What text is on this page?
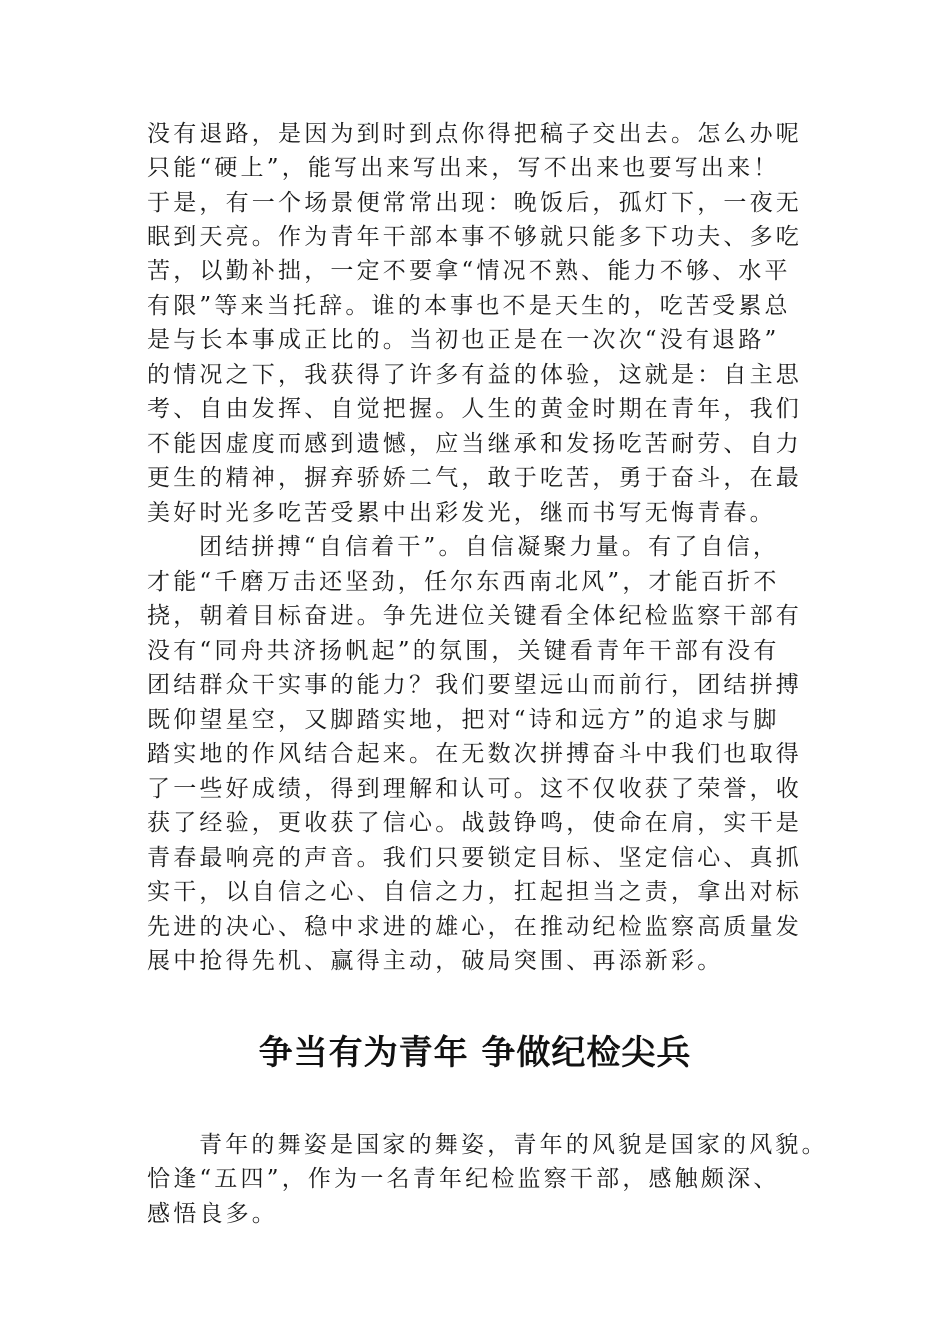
没有退路，是因为到时到点你得把稿子交出去。怎么办呢

只能“硬上”，能写出来写出来，写不出来也要写出来！

于是，有一个场景便常常出现：晚饭后，孤灯下，一夜无

眠到天亮。作为青年干部本事不够就只能多下功夫、多吃

苦，以勤补拙，一定不要拿“情况不熟、能力不够、水平

有限”等来当托辞。谁的本事也不是天生的，吃苦受累总

是与长本事成正比的。当初也正是在一次次“没有退路”

的情况之下，我获得了许多有益的体验，这就是：自主思

考、自由发挥、自觉把握。人生的黄金时期在青年，我们

不能因虚度而感到遗憾，应当继承和发扬吃苦耐劳、自力

更生的精神，摒弃骄娇二气，敢于吃苦，勇于奋斗，在最

美好时光多吃苦受累中出彩发光，继而书写无悔青春。

团结拼搏“自信着干”。自信凝聚力量。有了自信，

才能“千磨万击还坚劲，任尔东西南北风”，才能百折不

挠，朝着目标奋进。争先进位关键看全体纪检监察干部有

没有“同舟共济扬帆起”的氛围，关键看青年干部有没有

团结群众干实事的能力？我们要望远山而前行，团结拼搏

既仰望星空，又脚踏实地，把对“诗和远方”的追求与脚

踏实地的作风结合起来。在无数次拼搏奋斗中我们也取得

了一些好成绩，得到理解和认可。这不仅收获了荣誉，收

获了经验，更收获了信心。战鼓铮鸣，使命在肩，实干是

青春最响亮的声音。我们只要锁定目标、坚定信心、真抓

实干，以自信之心、自信之力，扛起担当之责，拿出对标

先进的决心、稳中求进的雄心，在推动纪检监察高质量发

展中抢得先机、赢得主动，破局突围、再添新彩。

争当有为青年 争做纪检尖兵

青年的舞姿是国家的舞姿，青年的风貌是国家的风貌。

恰逢“五四”，作为一名青年纪检监察干部，感触颇深、

感悟良多。
